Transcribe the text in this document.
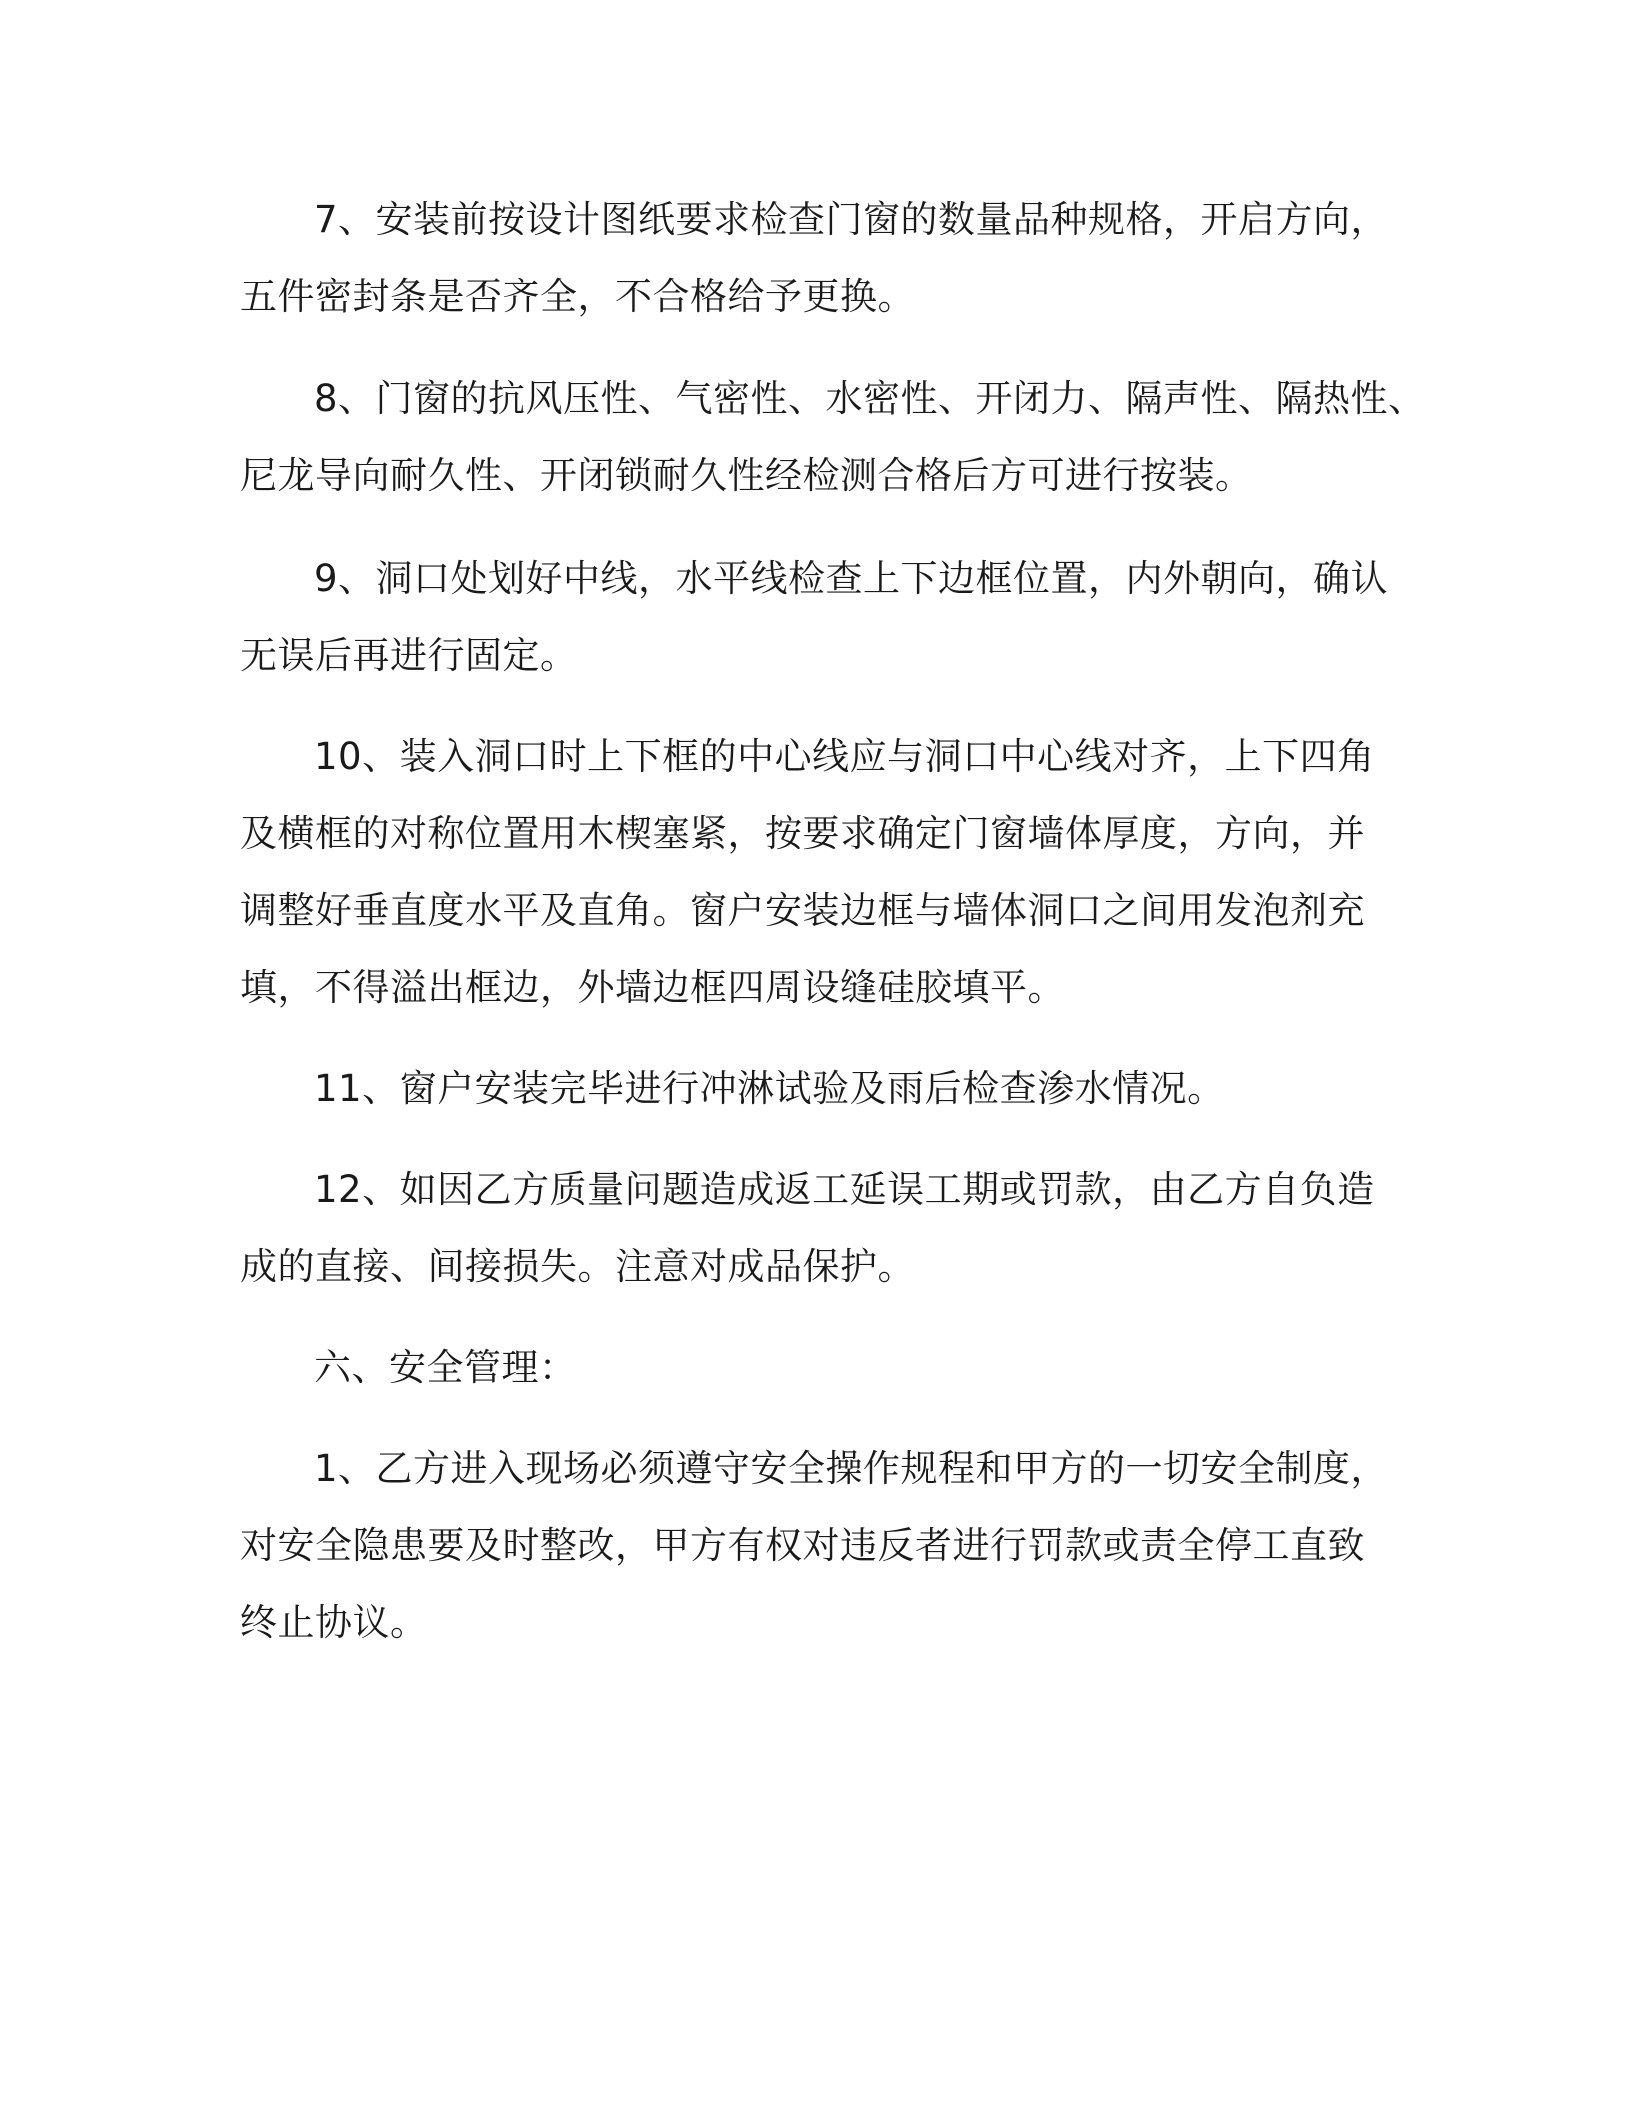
7、安装前按设计图纸要求检查门窗的数量品种规格，开启方向，
五件密封条是否齐全，不合格给予更换。
8、门窗的抗风压性、气密性、水密性、开闭力、隔声性、隔热性、
尼龙导向耐久性、开闭锁耐久性经检测合格后方可进行按装。
9、洞口处划好中线，水平线检查上下边框位置，内外朝向，确认
无误后再进行固定。
10、装入洞口时上下框的中心线应与洞口中心线对齐，上下四角
及横框的对称位置用木楔塞紧，按要求确定门窗墙体厚度，方向，并
调整好垂直度水平及直角。窗户安装边框与墙体洞口之间用发泡剂充
填，不得溢出框边，外墙边框四周设缝硅胶填平。
11、窗户安装完毕进行冲淋试验及雨后检查渗水情况。
12、如因乙方质量问题造成返工延误工期或罚款，由乙方自负造
成的直接、间接损失。注意对成品保护。
六、安全管理：
1、乙方进入现场必须遵守安全操作规程和甲方的一切安全制度，
对安全隐患要及时整改，甲方有权对违反者进行罚款或责全停工直致
终止协议。
